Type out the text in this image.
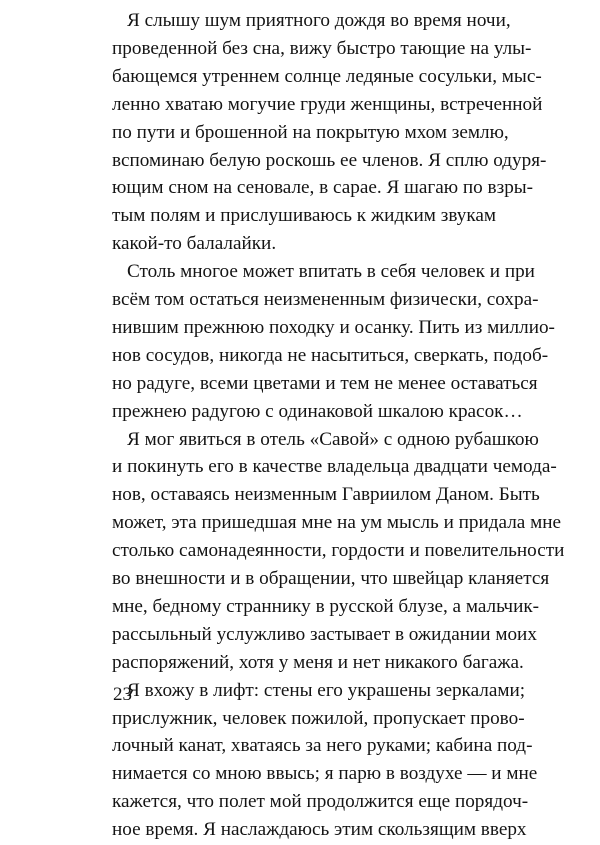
Я слышу шум приятного дождя во время ночи,
проведенной без сна, вижу быстро тающие на улы-
бающемся утреннем солнце ледяные сосульки, мыс-
ленно хватаю могучие груди женщины, встреченной
по пути и брошенной на покрытую мхом землю,
вспоминаю белую роскошь ее членов. Я сплю одуря-
ющим сном на сеновале, в сарае. Я шагаю по взры-
тым полям и прислушиваюсь к жидким звукам
какой-то балалайки.
Столь многое может впитать в себя человек и при
всём том остаться неизмененным физически, сохра-
нившим прежнюю походку и осанку. Пить из миллио-
нов сосудов, никогда не насытиться, сверкать, подоб-
но радуге, всеми цветами и тем не менее оставаться
прежнею радугою с одинаковой шкалою красок…
Я мог явиться в отель «Савой» с одною рубашкою
и покинуть его в качестве владельца двадцати чемода-
нов, оставаясь неизменным Гавриилом Даном. Быть
может, эта пришедшая мне на ум мысль и придала мне
столько самонадеянности, гордости и повелительности
во внешности и в обращении, что швейцар кланяется
мне, бедному страннику в русской блузе, а мальчик-
рассыльный услужливо застывает в ожидании моих
распоряжений, хотя у меня и нет никакого багажа.
Я вхожу в лифт: стены его украшены зеркалами;
прислужник, человек пожилой, пропускает прово-
лочный канат, хватаясь за него руками; кабина под-
нимается со мною ввысь; я парю в воздухе — и мне
кажется, что полет мой продолжится еще порядоч-
ное время. Я наслаждаюсь этим скользящим вверх
23
